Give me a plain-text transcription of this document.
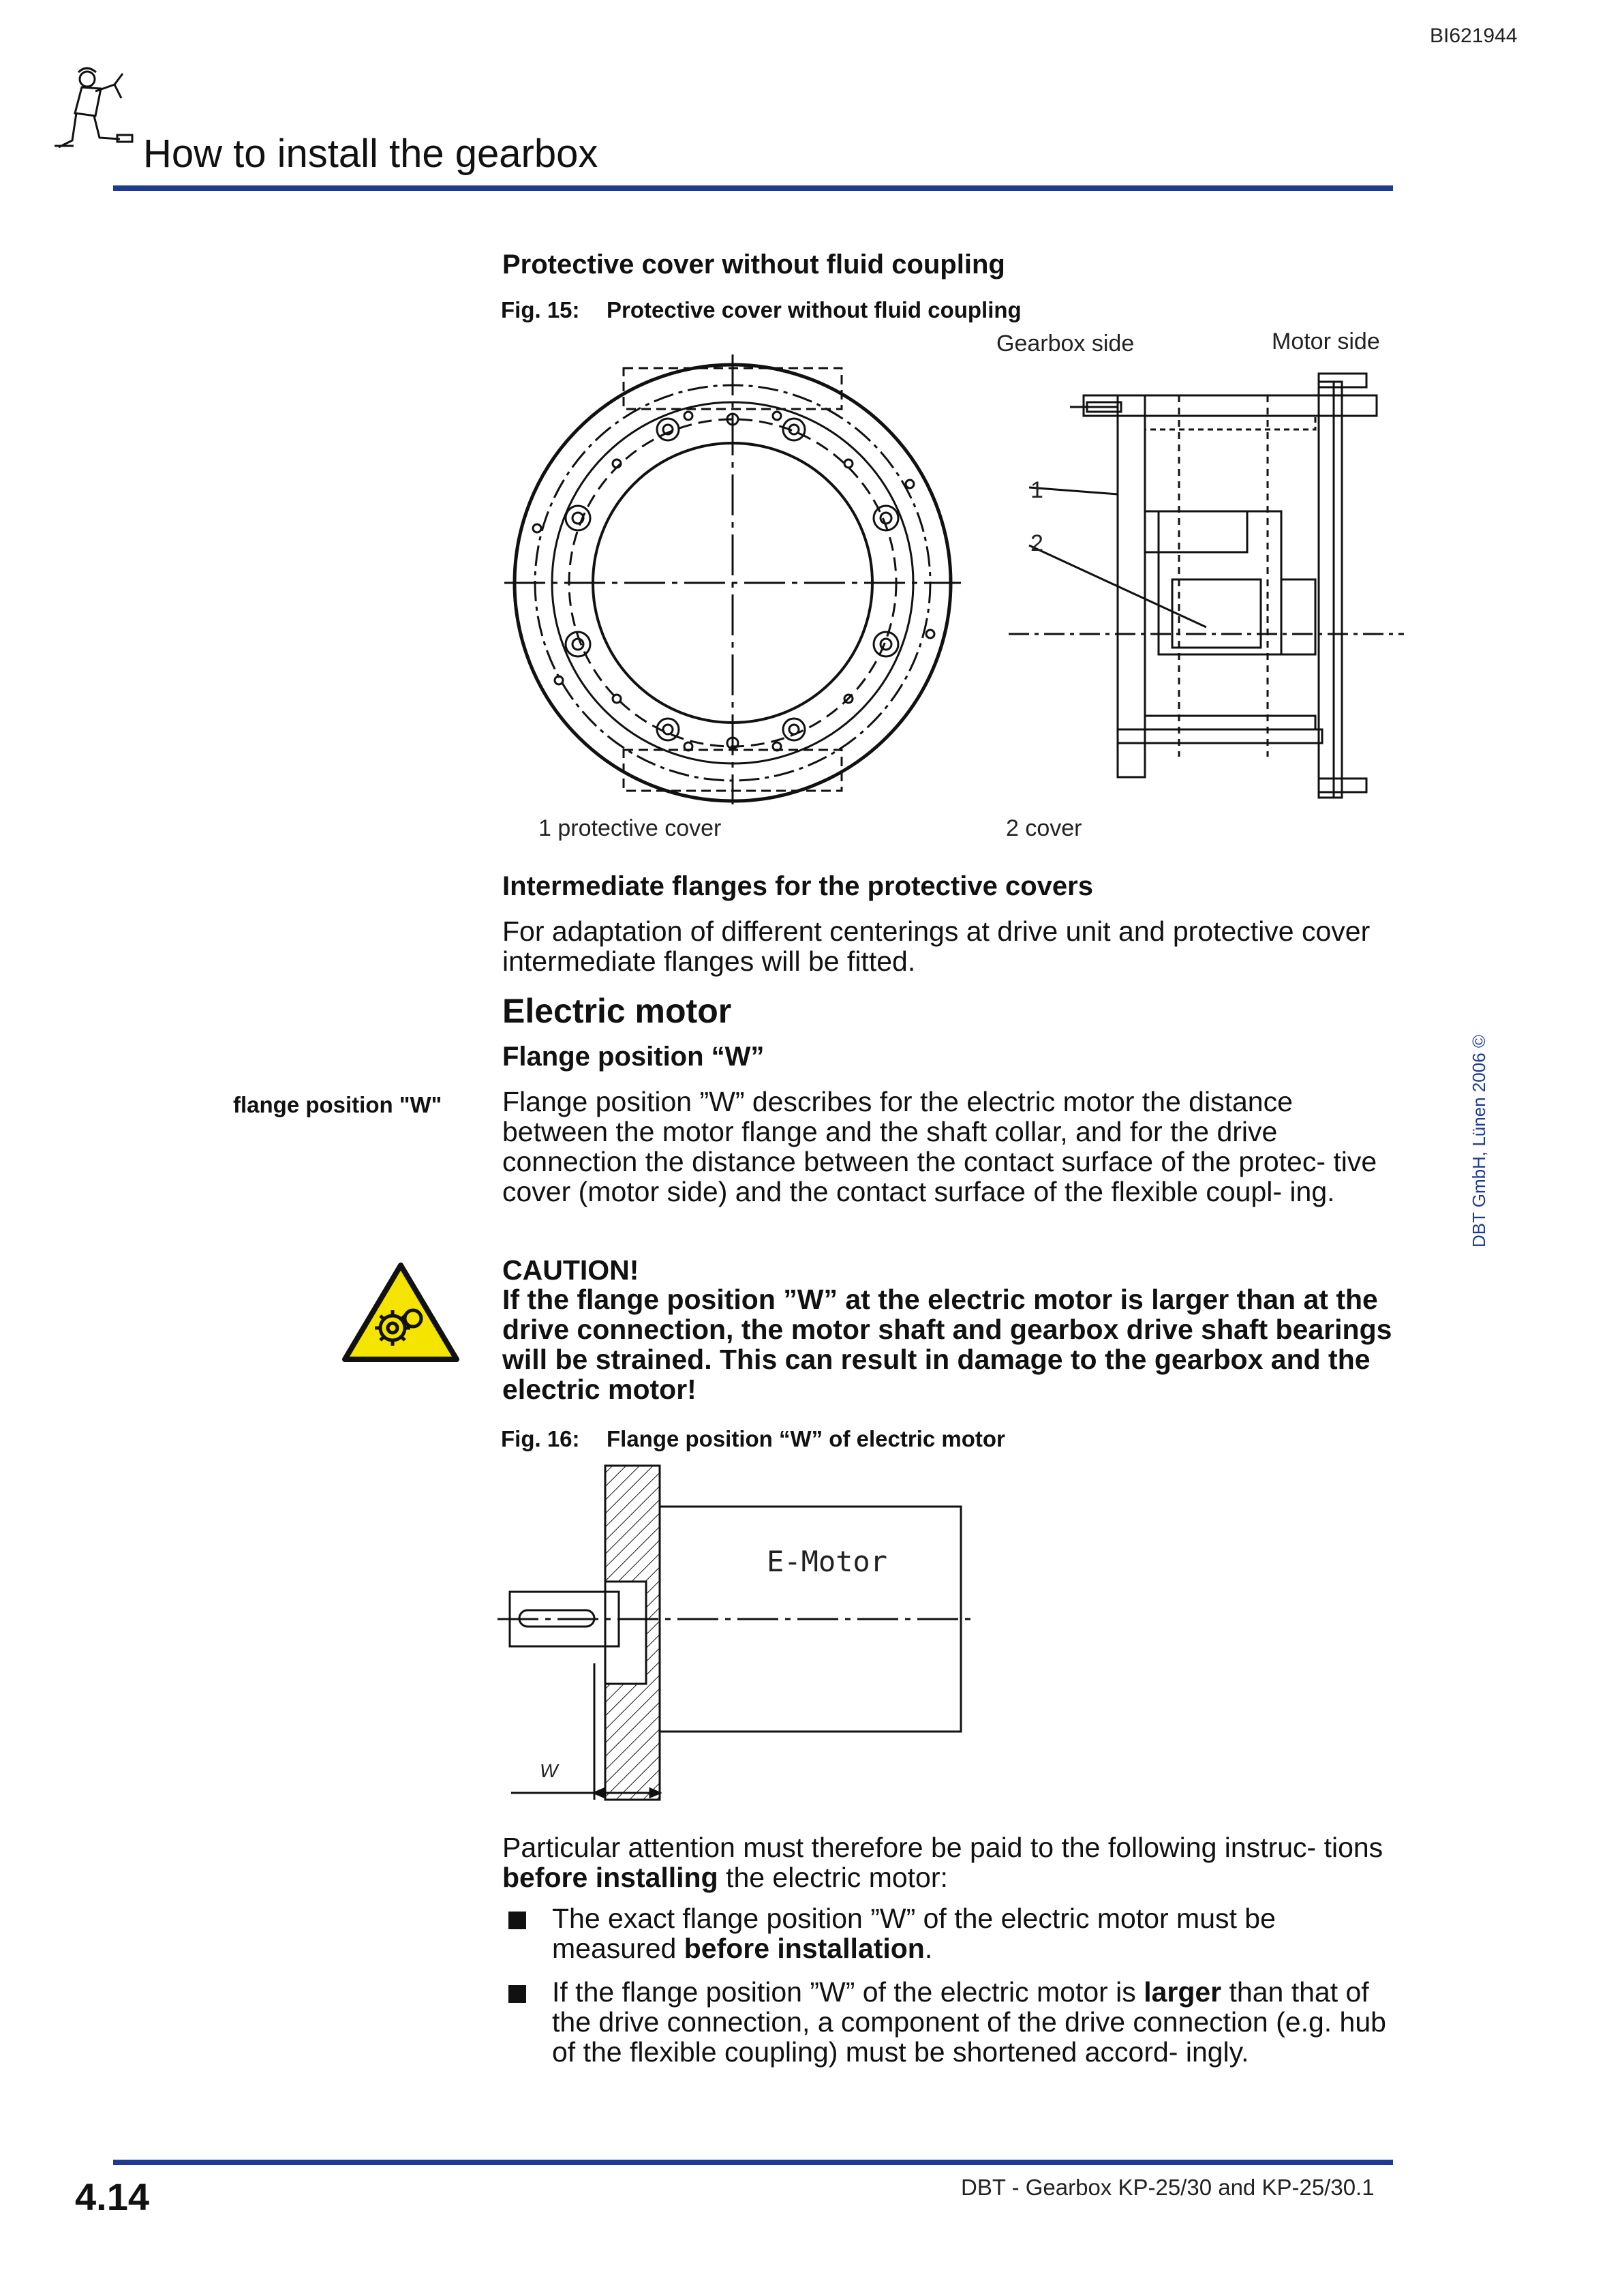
BI621944
How to install the gearbox
Protective cover without fluid coupling
Fig. 15: Protective cover without fluid coupling
Gearbox side	Motor side
1
2
1 protective cover	2 cover
Intermediate flanges for the protective covers
For adaptation of different centerings at drive unit and protective cover intermediate flanges will be fitted.
Electric motor
Flange position “W”
flange position "W" Flange position ”W” describes for the electric motor the distance between the motor flange and the shaft collar, and for the drive connection the distance between the contact surface of the protec- tive cover (motor side) and the contact surface of the flexible coupl- ing.
CAUTION!
If the flange position ”W” at the electric motor is larger than at the drive connection, the motor shaft and gearbox drive shaft bearings will be strained. This can result in damage to the gearbox and the electric motor!
Fig. 16: Flange position “W” of electric motor
E-Motor
W
Particular attention must therefore be paid to the following instruc- tions before installing the electric motor:
The exact flange position ”W” of the electric motor must be measured before installation.
If the flange position ”W” of the electric motor is larger than that of the drive connection, a component of the drive connection (e.g. hub of the flexible coupling) must be shortened accord- ingly.
DBT GmbH, Lünen 2006 ©
4.14	DBT - Gearbox KP-25/30 and KP-25/30.1
